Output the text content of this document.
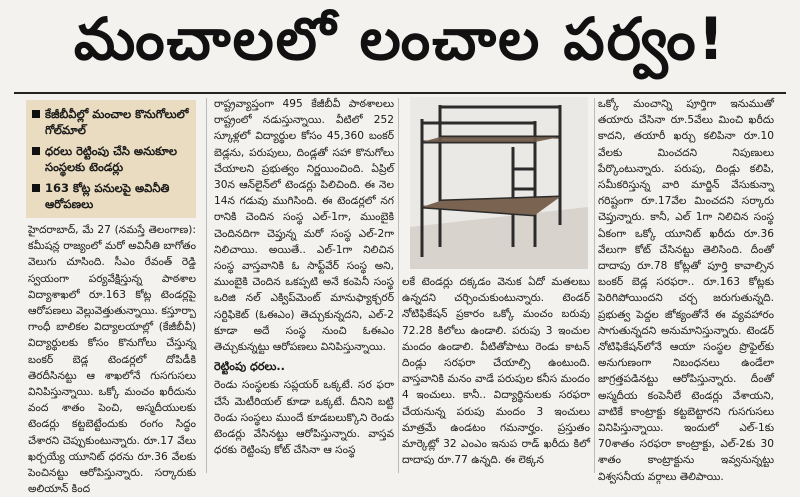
మంచాలలో లంచాల పర్వం!
కేజీబీవీల్లో మంచాల కొనుగోలులో గోల్‌మాల్
ధరలు రెట్టింపు చేసి అనుకూల సంస్థలకు టెండర్లు
163 కోట్ల పనులపై అవినీతి ఆరోపణలు

హైదరాబాద్, మే 27 (నమస్తే తెలంగాణ): కమీషన్ల రాజ్యంలో మరో అవినీతి బాగోతం వెలుగు చూసింది. సీఎం రేవంత్ రెడ్డి స్వయంగా పర్యవేక్షిస్తున్న పాఠశాల విద్యాశాఖలో రూ.163 కోట్ల టెండర్లపై ఆరోపణలు వెల్లువెత్తుతున్నాయి. కస్తూర్బా గాంధీ బాలికల విద్యాలయాల్లో (కేజీబీవీ) విద్యార్థులకు కోసం కొనుగోలు చేస్తున్న బంకర్ బెడ్ల టెండర్లలో దోపిడీకి తెరదీసినట్టు ఆ శాఖలోనే గుసగుసలు వినిపిస్తున్నాయి. ఒక్కో మంచం ఖరీదును వంద శాతం పెంచి, అస్మదీయులకు టెండర్లు కట్టబెట్టేందుకు రంగం సిద్ధం చేశారని చెప్పుకుంటున్నారు. రూ.17 వేలు ఖర్చయ్యే యూనిట్ ధరను రూ.36 వేలకు పెంచినట్టు ఆరోపిస్తున్నారు. సర్కారుకు అలియాన్ కింద

రాష్ట్రవ్యాప్తంగా 495 కేజీబీవీ పాఠశాలలు రాష్ట్రంలో నడుస్తున్నాయి. వీటిలో 252 స్కూళ్లలో విద్యార్థుల కోసం 45,360 బంకర్ బెడ్లను, పరుపులు, దిండ్లతో సహా కొనుగోలు చేయాలని ప్రభుత్వం నిర్ణయించింది. ఏప్రిల్ 30న ఆన్‌లైన్‌లో టెండర్లు పిలిచింది. ఈ నెల 14న గడువు ముగిసింది. ఈ టెండర్లలో నగ రానికి చెందిన సంస్థ ఎల్-1గా, ముంబైకి చెందినదిగా చెప్తున్న మరో సంస్థ ఎల్-2గా నిలిచాయి. అయితే.. ఎల్-1గా నిలిచిన సంస్థ వాస్తవానికి ఓ సాఫ్ట్‌వేర్ సంస్థ అని, ముంబైకి చెందిన ఒకప్పటి అనే కంపెనీ సంస్థ ఒరిజి నల్ ఎక్విప్‌మెంట్ మానుఫ్యాక్చరర్ సర్టిఫికెట్ (ఓఈఎం) తెచ్చుకున్నదని, ఎల్-2 కూడా అదే సంస్థ నుంచి ఓఈఎం తెచ్చుకున్నట్టు ఆరోపణలు వినిపిస్తున్నాయి.

రెట్టింపు ధరలు..

రెండు సంస్థలకు సప్లయర్ ఒక్కటే. సర ఫరా చేసే మెటీరియల్ కూడా ఒక్కటే. దీనిని బట్టి రెండు సంస్థలు ముందే కూడబలుక్కొని రెండు టెండర్లు వేసినట్టు ఆరోపిస్తున్నారు. వాస్తవ ధరకు రెట్టింపు కోట్ చేసినా ఆ సంస్థ

లకే టెండర్లు దక్కడం వెనుక ఏదో మతలబు ఉన్నదని చర్చించుకుంటున్నారు. టెండర్ నోటిఫికేషన్ ప్రకారం ఒక్కో మంచం బరువు 72.28 కిలోలు ఉండాలి. పరుపు 3 ఇంచుల మందం ఉండాలి. వీటితోపాటు రెండు కాటన్ దిండ్లు సరఫరా చేయాల్సి ఉంటుంది. వాస్తవానికి మనం వాడే పరుపుల కనీస మందం 4 ఇంచులు. కానీ.. విద్యార్థినులకు సరఫరా చేయనున్న పరుపు మందం 3 ఇంచులు మాత్రమే ఉండటం గమనార్హం. ప్రస్తుతం మార్కెట్లో 32 ఎంఎం ఇనుప రాడ్ ఖరీదు కిలో దాదాపు రూ.77 ఉన్నది. ఈ లెక్కన

ఒక్కో మంచాన్ని పూర్తిగా ఇనుముతో తయారు చేసినా రూ.5వేలు మించి ఖరీదు కాదని, తయారీ ఖర్చు కలిపినా రూ.10 వేలకు మించదని నిపుణులు పేర్కొంటున్నారు. పరుపు, దిండ్లు కలిపి, సమీకరిస్తున్న వారి మార్జిన్ వేసుకున్నా గరిష్టంగా రూ.17వేల మించదని సర్కారు చెప్తున్నారు. కానీ, ఎల్ 1గా నిలిచిన సంస్థ ఏకంగా ఒక్కో యూనిట్ ఖరీదు రూ.36 వేలుగా కోట్ చేసినట్టు తెలిసింది. దీంతో దాదాపు రూ.78 కోట్లతో పూర్తి కావాల్సిన బంకర్ బెడ్ల సరఫరా.. రూ.163 కోట్లకు పెరిగిపోయిందని చర్చ జరుగుతున్నది. ప్రభుత్వ పెద్దల జోక్యంతోనే ఈ వ్యవహారం సాగుతున్నదని అనుమానిస్తున్నారు. టెండర్ నోటిఫికేషన్‌లోనే ఆయా సంస్థల ప్రొఫైల్‌కు అనుగుణంగా నిబంధనలు ఉండేలా జాగ్రత్తపడినట్టు ఆరోపిస్తున్నారు. దీంతో అస్మదీయ కంపెనీలే టెండర్లు వేశాయని, వాటికే కాంట్రాక్టు కట్టబెట్టారని గుసగుసలు వినిపిస్తున్నాయి. ఇందులో ఎల్-1కు 70శాతం సరఫరా కాంట్రాక్టు, ఎల్-2కు 30 శాతం కాంట్రాక్టును ఇవ్వనున్నట్టు విశ్వసనీయ వర్గాలు తెలిపాయి.
